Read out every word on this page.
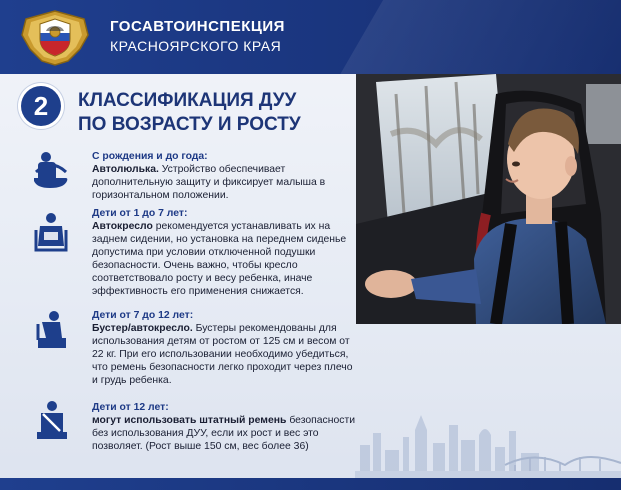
ГОСАВТОИНСПЕКЦИЯ
КРАСНОЯРСКОГО КРАЯ
2	КЛАССИФИКАЦИЯ ДУУ
ПО ВОЗРАСТУ И РОСТУ
С рождения и до года:
Автолюлька. Устройство обеспечивает дополнительную защиту и фиксирует малыша в горизонтальном положении.
Дети от 1 до 7 лет:
Автокресло рекомендуется устанавливать их на заднем сидении, но установка на переднем сиденье допустима при условии отключенной подушки безопасности. Очень важно, чтобы кресло соответствовало росту и весу ребенка, иначе эффективность его применения снижается.
Дети от 7 до 12 лет:
Бустер/автокресло. Бустеры рекомендованы для использования детям от ростом от 125 см и весом от 22 кг. При его использовании необходимо убедиться, что ремень безопасности легко проходит через плечо и грудь ребенка.
Дети от 12 лет:
могут использовать штатный ремень безопасности без использования ДУУ, если их рост и вес это позволяет. (Рост выше 150 см, вес более 36)
